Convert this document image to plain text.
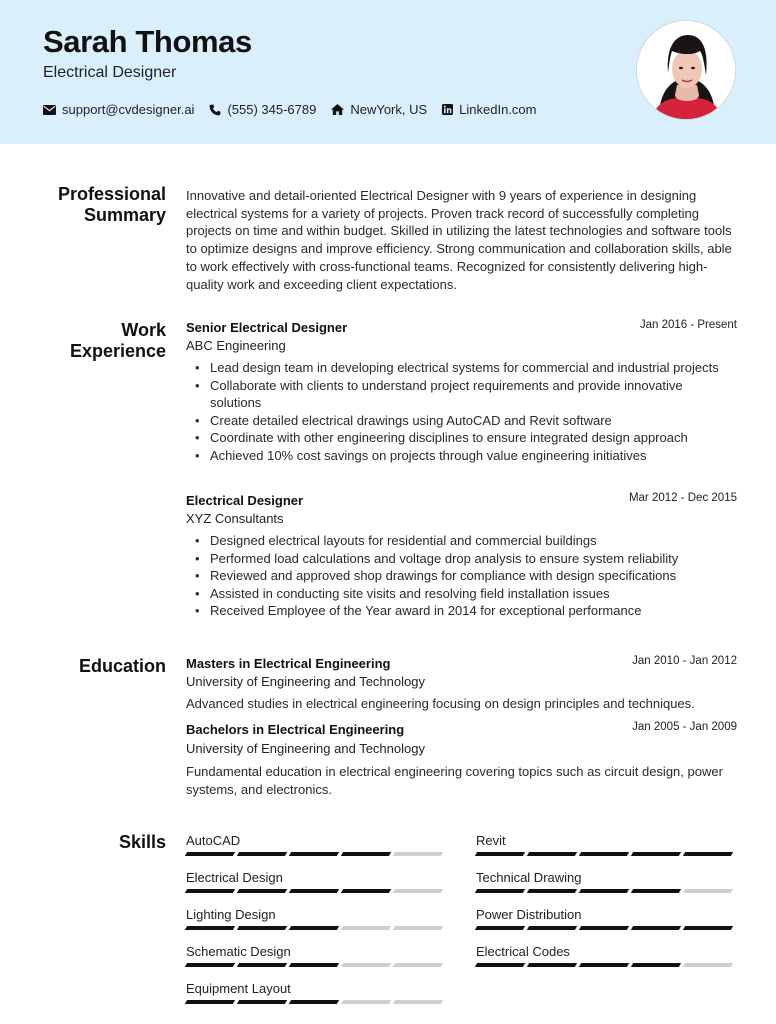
Sarah Thomas
Electrical Designer
support@cvdesigner.ai	(555) 345-6789	NewYork, US LinkedIn.com
Professional
Summary
Innovative and detail-oriented Electrical Designer with 9 years of experience in designing electrical systems for a variety of projects. Proven track record of successfully completing projects on time and within budget. Skilled in utilizing the latest technologies and software tools to optimize designs and improve efficiency. Strong communication and collaboration skills, able to work effectively with cross-functional teams. Recognized for consistently delivering high-quality work and exceeding client expectations.
Work
Experience
Senior Electrical Designer	Jan 2016 - Present
ABC Engineering
• Lead design team in developing electrical systems for commercial and industrial projects
• Collaborate with clients to understand project requirements and provide innovative solutions
• Create detailed electrical drawings using AutoCAD and Revit software
• Coordinate with other engineering disciplines to ensure integrated design approach
• Achieved 10% cost savings on projects through value engineering initiatives
Electrical Designer	Mar 2012 - Dec 2015
XYZ Consultants
• Designed electrical layouts for residential and commercial buildings
• Performed load calculations and voltage drop analysis to ensure system reliability
• Reviewed and approved shop drawings for compliance with design specifications
• Assisted in conducting site visits and resolving field installation issues
• Received Employee of the Year award in 2014 for exceptional performance
Education Masters in Electrical Engineering	Jan 2010 - Jan 2012
University of Engineering and Technology
Advanced studies in electrical engineering focusing on design principles and techniques.
Bachelors in Electrical Engineering	Jan 2005 - Jan 2009
University of Engineering and Technology
Fundamental education in electrical engineering covering topics such as circuit design, power systems, and electronics.
Skills AutoCAD	Revit
Electrical Design	Technical Drawing
Lighting Design	Power Distribution
Schematic Design	Electrical Codes
Equipment Layout
